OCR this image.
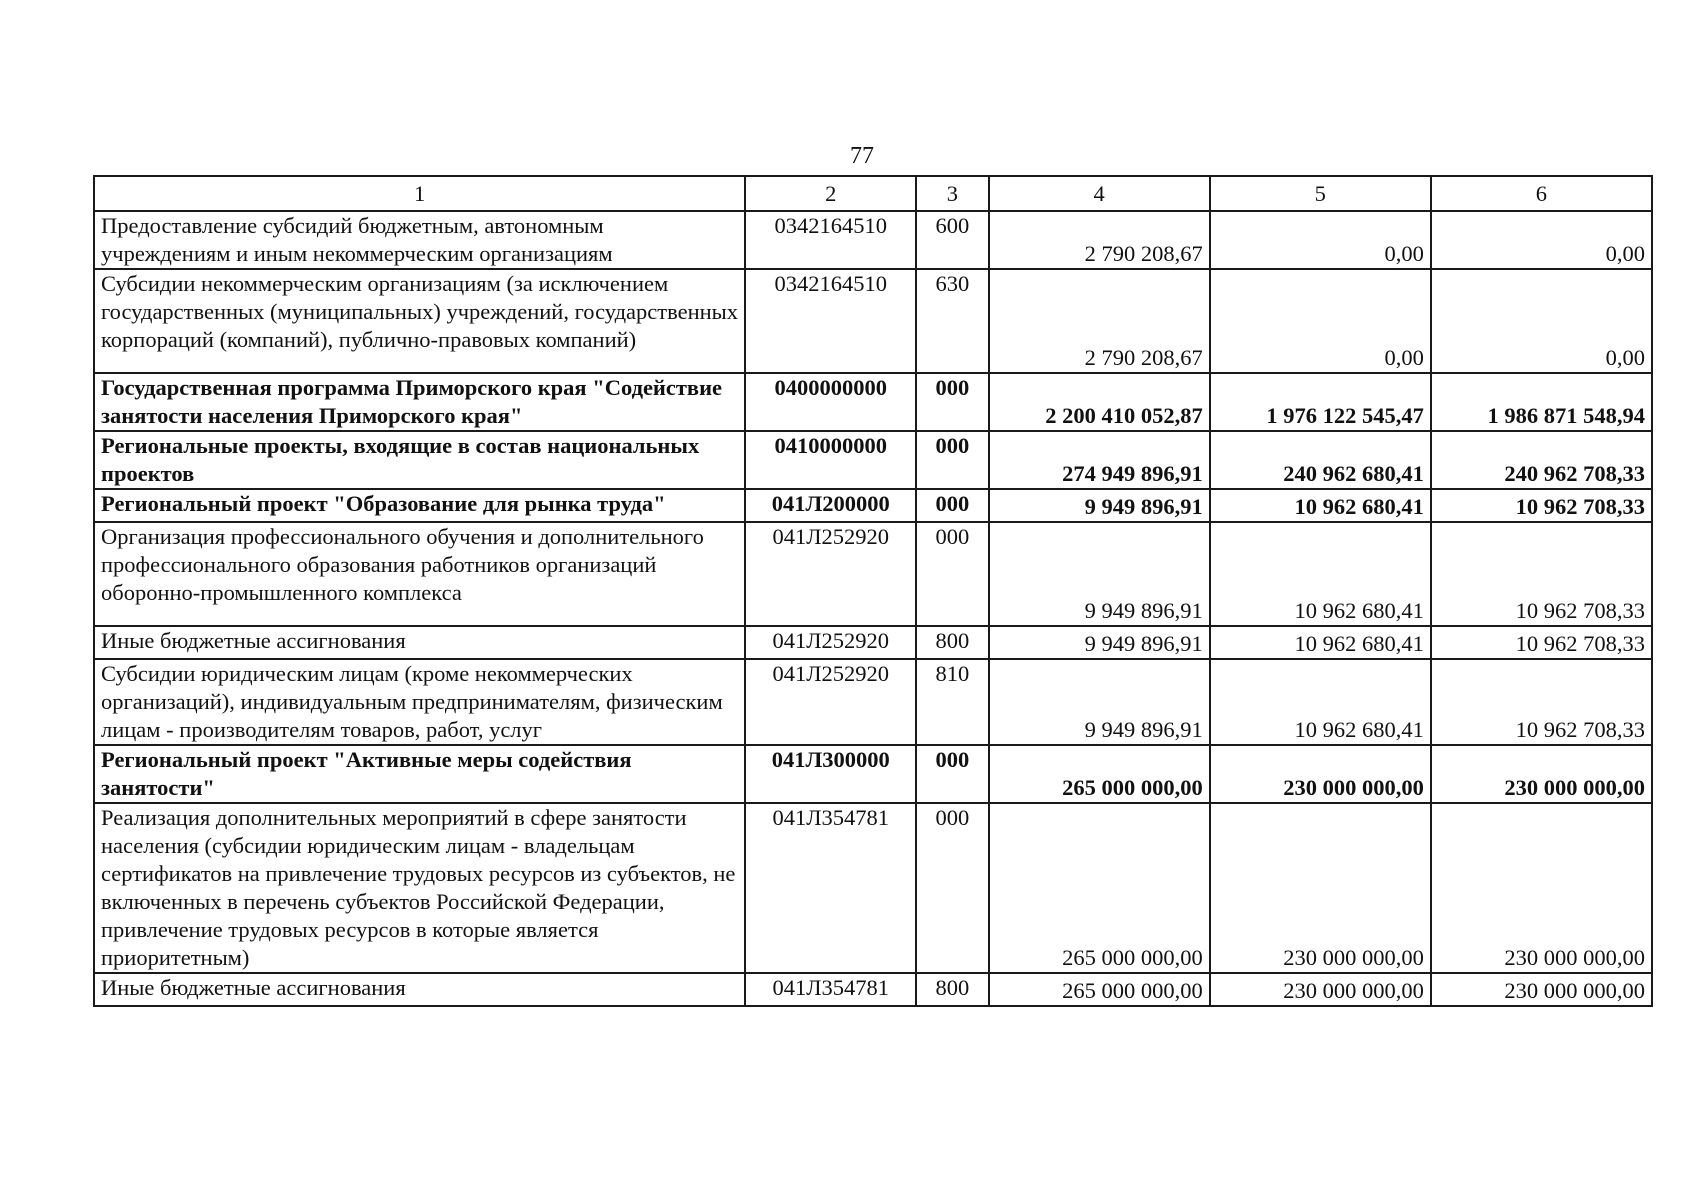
77
1	2	3	4	5	6
Предоставление субсидий бюджетным, автономным учреждениям и иным некоммерческим организациям	0342164510	600	2 790 208,67	0,00	0,00
Субсидии некоммерческим организациям (за исключением государственных (муниципальных) учреждений, государственных корпораций (компаний), публично-правовых компаний)	0342164510	630	2 790 208,67	0,00	0,00
Государственная программа Приморского края "Содействие занятости населения Приморского края"	0400000000	000	2 200 410 052,87	1 976 122 545,47	1 986 871 548,94
Региональные проекты, входящие в состав национальных проектов	0410000000	000	274 949 896,91	240 962 680,41	240 962 708,33
Региональный проект "Образование для рынка труда"	041Л200000	000	9 949 896,91	10 962 680,41	10 962 708,33
Организация профессионального обучения и дополнительного профессионального образования работников организаций оборонно-промышленного комплекса	041Л252920	000	9 949 896,91	10 962 680,41	10 962 708,33
Иные бюджетные ассигнования	041Л252920	800	9 949 896,91	10 962 680,41	10 962 708,33
Субсидии юридическим лицам (кроме некоммерческих организаций), индивидуальным предпринимателям, физическим лицам - производителям товаров, работ, услуг	041Л252920	810	9 949 896,91	10 962 680,41	10 962 708,33
Региональный проект "Активные меры содействия занятости"	041Л300000	000	265 000 000,00	230 000 000,00	230 000 000,00
Реализация дополнительных мероприятий в сфере занятости населения (субсидии юридическим лицам - владельцам сертификатов на привлечение трудовых ресурсов из субъектов, не включенных в перечень субъектов Российской Федерации, привлечение трудовых ресурсов в которые является приоритетным)	041Л354781	000	265 000 000,00	230 000 000,00	230 000 000,00
Иные бюджетные ассигнования	041Л354781	800	265 000 000,00	230 000 000,00	230 000 000,00
